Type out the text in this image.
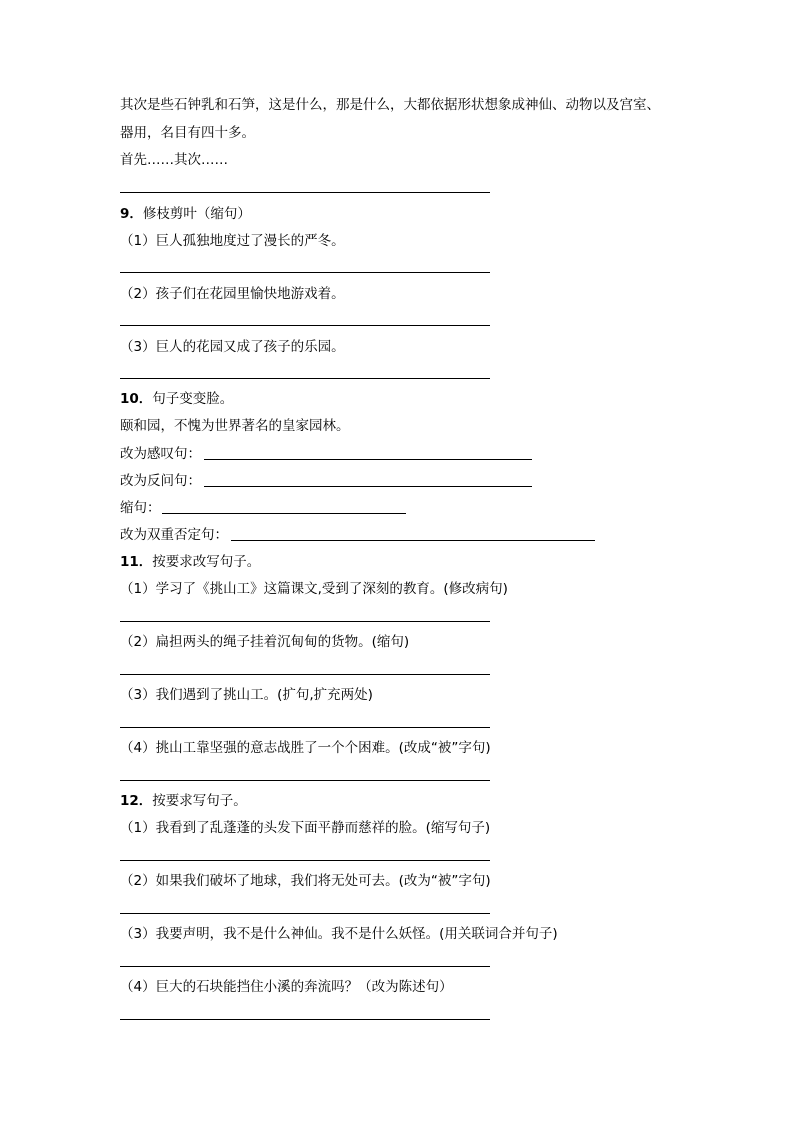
其次是些石钟乳和石笋，这是什么，那是什么，大都依据形状想象成神仙、动物以及宫室、
器用，名目有四十多。
首先……其次……
9．修枝剪叶（缩句）
（1）巨人孤独地度过了漫长的严冬。
（2）孩子们在花园里愉快地游戏着。
（3）巨人的花园又成了孩子的乐园。
10．句子变变脸。
颐和园，不愧为世界著名的皇家园林。
改为感叹句：
改为反问句：
缩句：
改为双重否定句：
11．按要求改写句子。
（1）学习了《挑山工》这篇课文,受到了深刻的教育。(修改病句)
（2）扁担两头的绳子挂着沉甸甸的货物。(缩句)
（3）我们遇到了挑山工。(扩句,扩充两处)
（4）挑山工靠坚强的意志战胜了一个个困难。(改成“被”字句)
12．按要求写句子。
（1）我看到了乱蓬蓬的头发下面平静而慈祥的脸。(缩写句子)
（2）如果我们破坏了地球，我们将无处可去。(改为“被”字句)
（3）我要声明，我不是什么神仙。我不是什么妖怪。(用关联词合并句子)
（4）巨大的石块能挡住小溪的奔流吗？（改为陈述句）
